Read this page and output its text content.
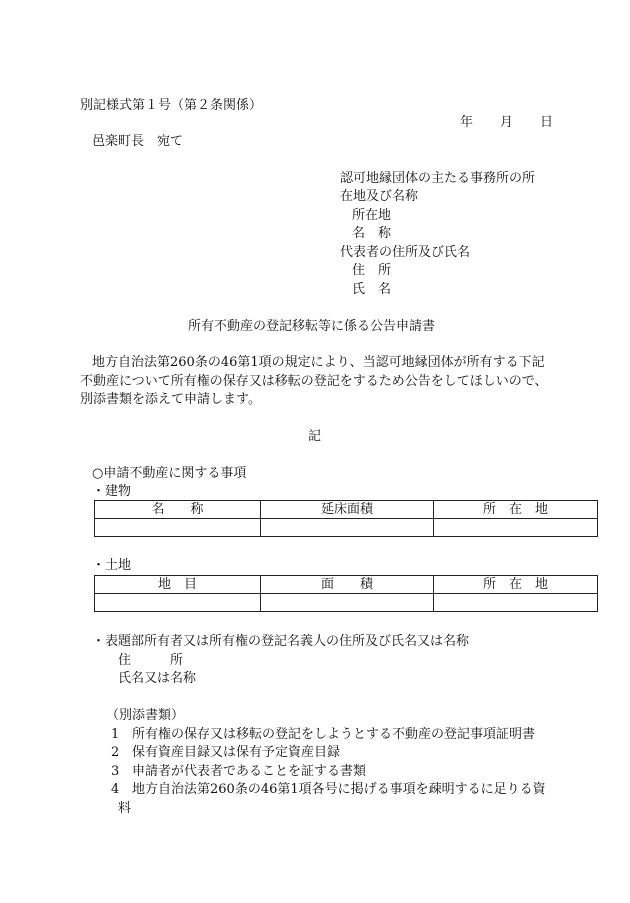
別記様式第１号（第２条関係）
年 月 日
邑楽町長　宛て
認可地縁団体の主たる事務所の所
在地及び名称
所在地
名　称
代表者の住所及び氏名
住　所
氏　名
所有不動産の登記移転等に係る公告申請書
地方自治法第260条の46第1項の規定により、当認可地縁団体が所有する下記
不動産について所有権の保存又は移転の登記をするため公告をしてほしいので、
別添書類を添えて申請します。
記
○申請不動産に関する事項
・建物
名　　称	延床面積	所　在　地

・土地
地　目	面　　積	所　在　地

・表題部所有者又は所有権の登記名義人の住所及び氏名又は名称
住　　　所
氏名又は名称
（別添書類）
1 所有権の保存又は移転の登記をしようとする不動産の登記事項証明書
2 保有資産目録又は保有予定資産目録
3 申請者が代表者であることを証する書類
4 地方自治法第260条の46第1項各号に掲げる事項を疎明するに足りる資
料
